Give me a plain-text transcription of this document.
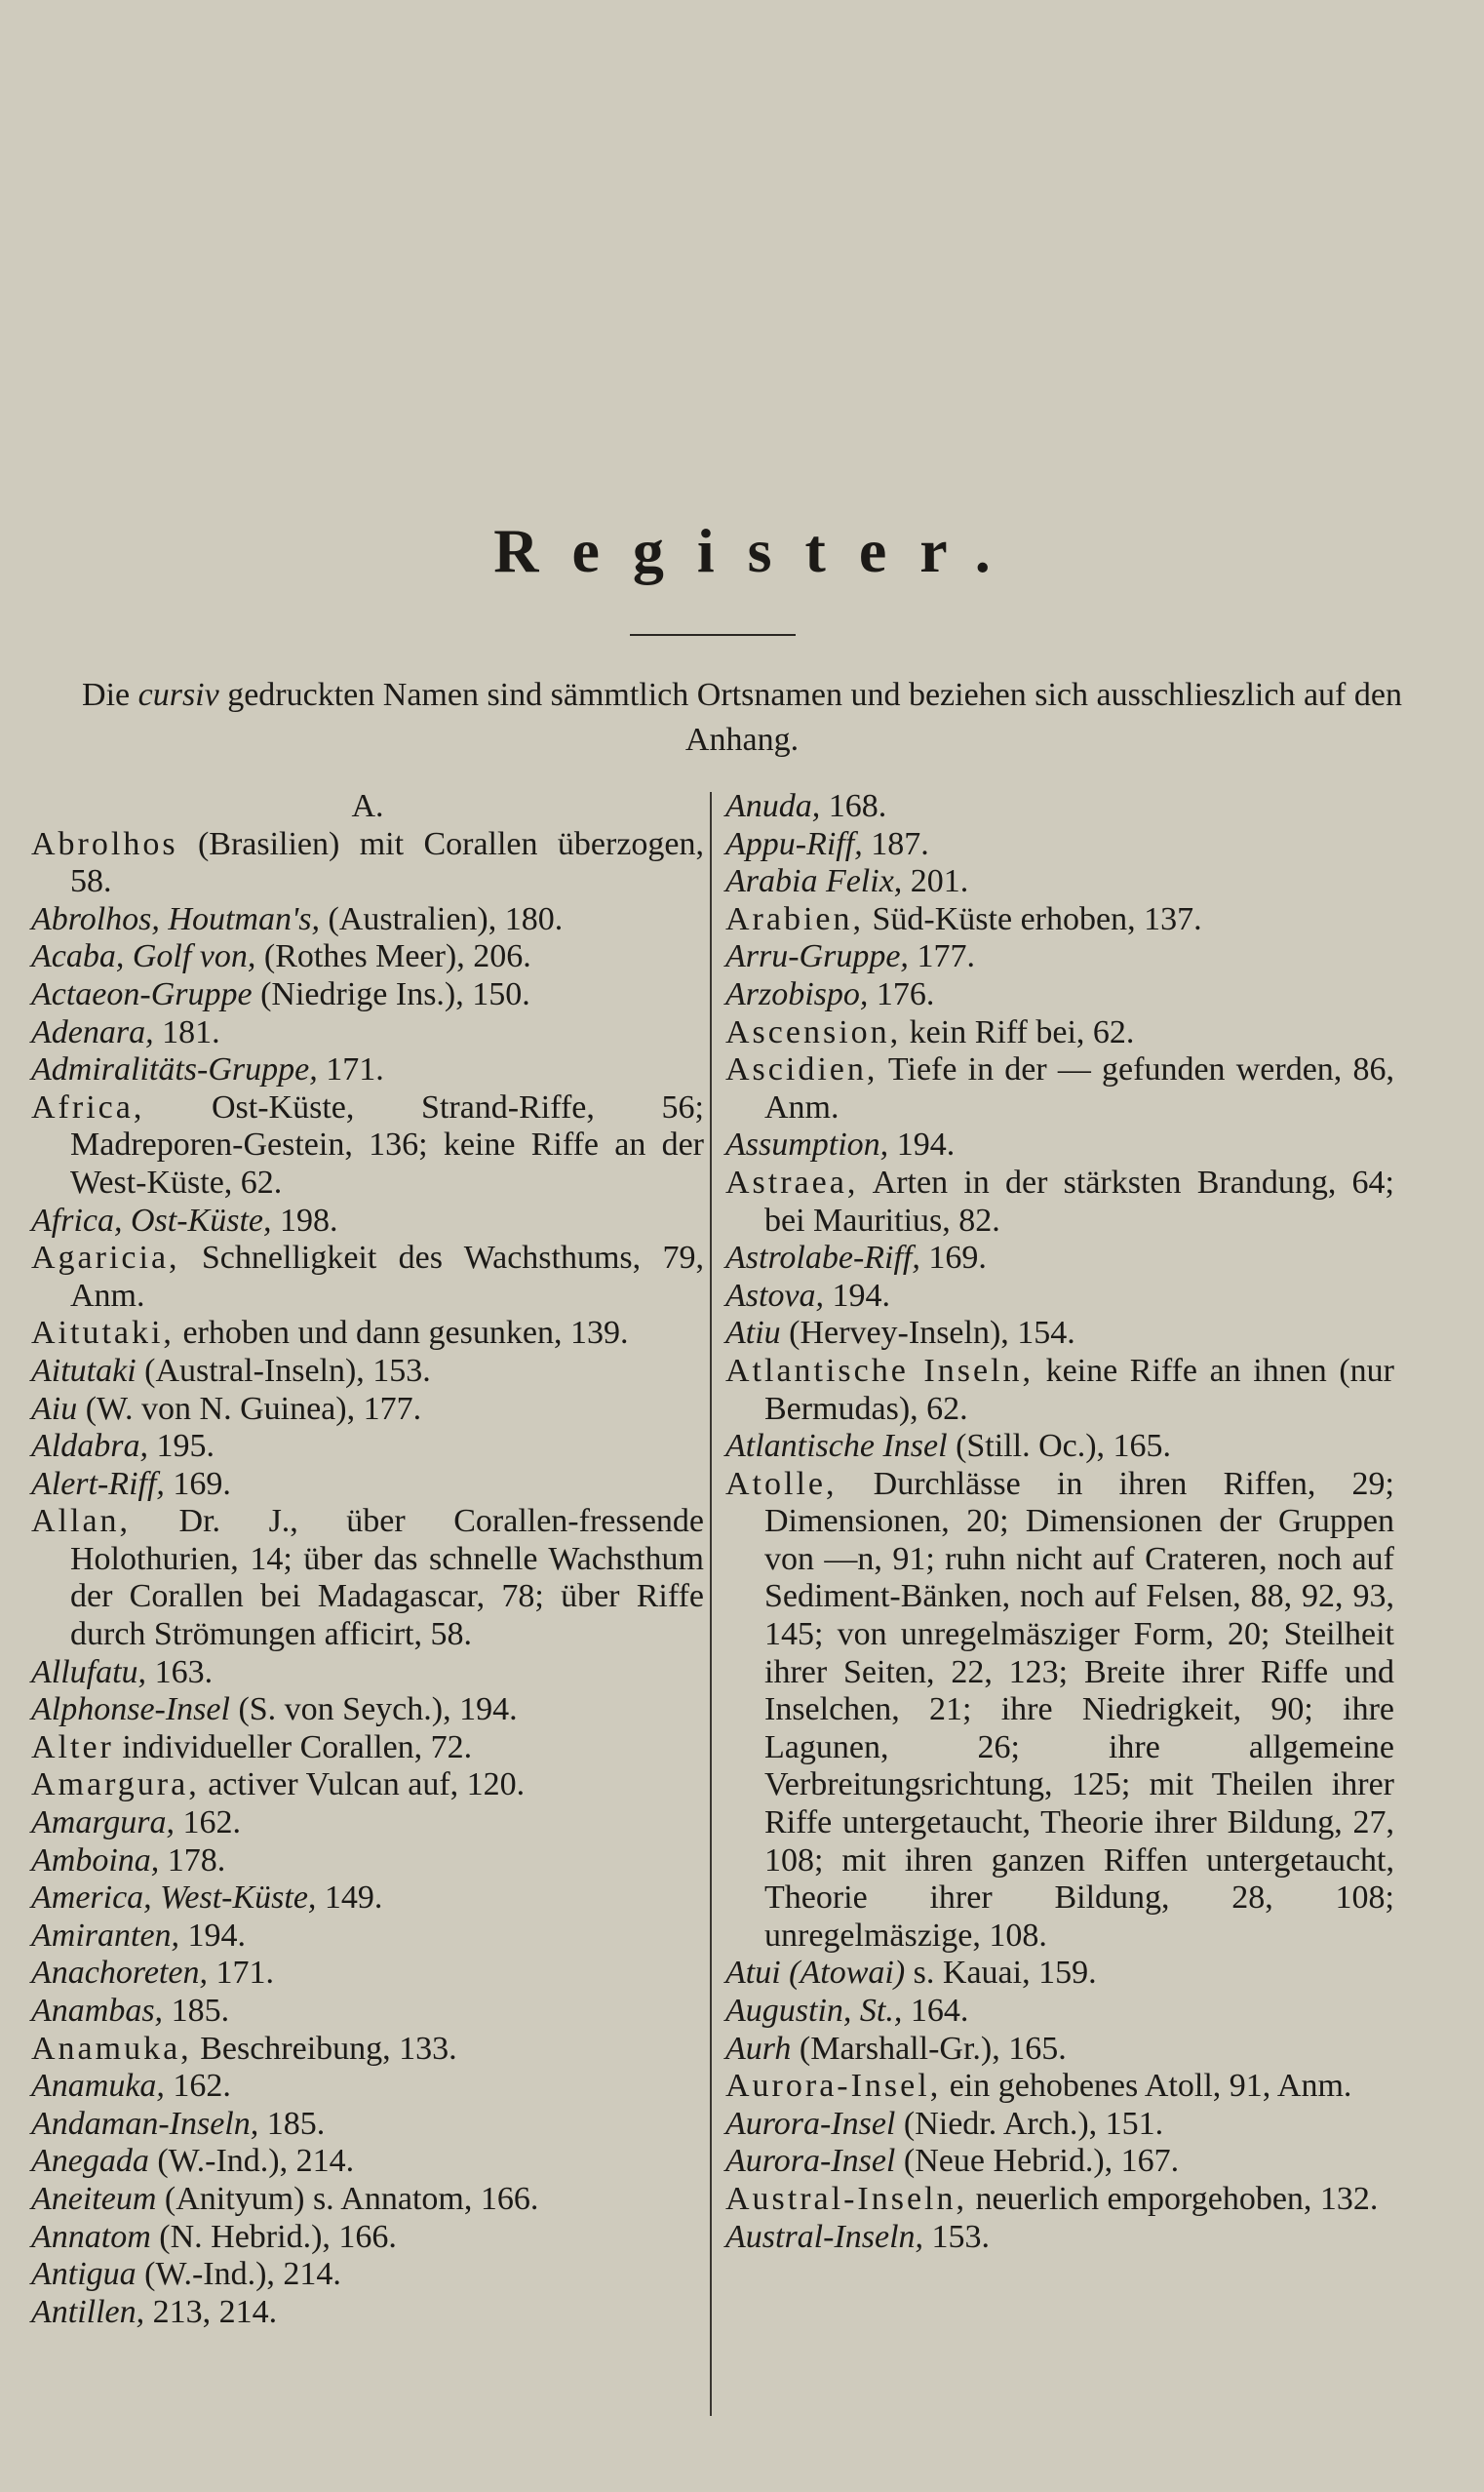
Register.
Die cursiv gedruckten Namen sind sämmtlich Ortsnamen und beziehen sich ausschlieszlich auf den Anhang.
A.
Abrolhos (Brasilien) mit Corallen überzogen, 58.
Abrolhos, Houtman's, (Australien), 180.
Acaba, Golf von, (Rothes Meer), 206.
Actaeon-Gruppe (Niedrige Ins.), 150.
Adenara, 181.
Admiralitäts-Gruppe, 171.
Africa, Ost-Küste, Strand-Riffe, 56; Madreporen-Gestein, 136; keine Riffe an der West-Küste, 62.
Africa, Ost-Küste, 198.
Agaricia, Schnelligkeit des Wachsthums, 79, Anm.
Aitutaki, erhoben und dann gesunken, 139.
Aitutaki (Austral-Inseln), 153.
Aiu (W. von N. Guinea), 177.
Aldabra, 195.
Alert-Riff, 169.
Allan, Dr. J., über Corallen-fressende Holothurien, 14; über das schnelle Wachsthum der Corallen bei Madagascar, 78; über Riffe durch Strömungen afficirt, 58.
Allufatu, 163.
Alphonse-Insel (S. von Seych.), 194.
Alter individueller Corallen, 72.
Amargura, activer Vulcan auf, 120.
Amargura, 162.
Amboina, 178.
America, West-Küste, 149.
Amiranten, 194.
Anachoreten, 171.
Anambas, 185.
Anamuka, Beschreibung, 133.
Anamuka, 162.
Andaman-Inseln, 185.
Anegada (W.-Ind.), 214.
Aneiteum (Anityum) s. Annatom, 166.
Annatom (N. Hebrid.), 166.
Antigua (W.-Ind.), 214.
Antillen, 213, 214.
Anuda, 168.
Appu-Riff, 187.
Arabia Felix, 201.
Arabien, Süd-Küste erhoben, 137.
Arru-Gruppe, 177.
Arzobispo, 176.
Ascension, kein Riff bei, 62.
Ascidien, Tiefe in der — gefunden werden, 86, Anm.
Assumption, 194.
Astraea, Arten in der stärksten Brandung, 64; bei Mauritius, 82.
Astrolabe-Riff, 169.
Astova, 194.
Atiu (Hervey-Inseln), 154.
Atlantische Inseln, keine Riffe an ihnen (nur Bermudas), 62.
Atlantische Insel (Still. Oc.), 165.
Atolle, Durchlässe in ihren Riffen, 29; Dimensionen, 20; Dimensionen der Gruppen von —n, 91; ruhn nicht auf Crateren, noch auf Sediment-Bänken, noch auf Felsen, 88, 92, 93, 145; von unregelmäsziger Form, 20; Steilheit ihrer Seiten, 22, 123; Breite ihrer Riffe und Inselchen, 21; ihre Niedrigkeit, 90; ihre Lagunen, 26; ihre allgemeine Verbreitungsrichtung, 125; mit Theilen ihrer Riffe untergetaucht, Theorie ihrer Bildung, 27, 108; mit ihren ganzen Riffen untergetaucht, Theorie ihrer Bildung, 28, 108; unregelmäszige, 108.
Atui (Atowai) s. Kauai, 159.
Augustin, St., 164.
Aurh (Marshall-Gr.), 165.
Aurora-Insel, ein gehobenes Atoll, 91, Anm.
Aurora-Insel (Niedr. Arch.), 151.
Aurora-Insel (Neue Hebrid.), 167.
Austral-Inseln, neuerlich emporgehoben, 132.
Austral-Inseln, 153.
